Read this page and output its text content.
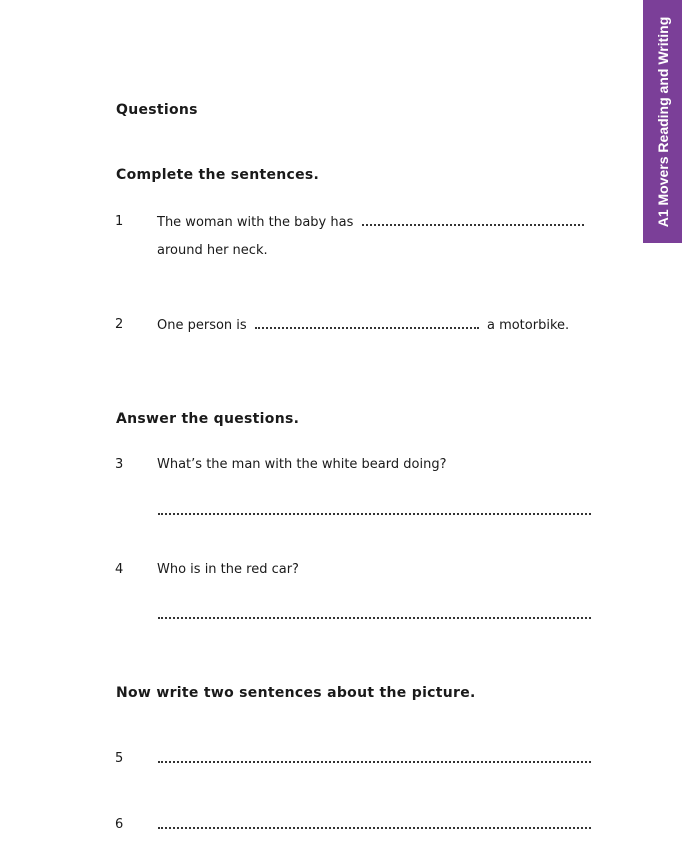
A1 Movers Reading and Writing
Questions
Complete the sentences.
1	The woman with the baby has
around her neck.
2	One person is	a motorbike.
Answer the questions.
3	What’s the man with the white beard doing?
4	Who is in the red car?
Now write two sentences about the picture.
5
6
